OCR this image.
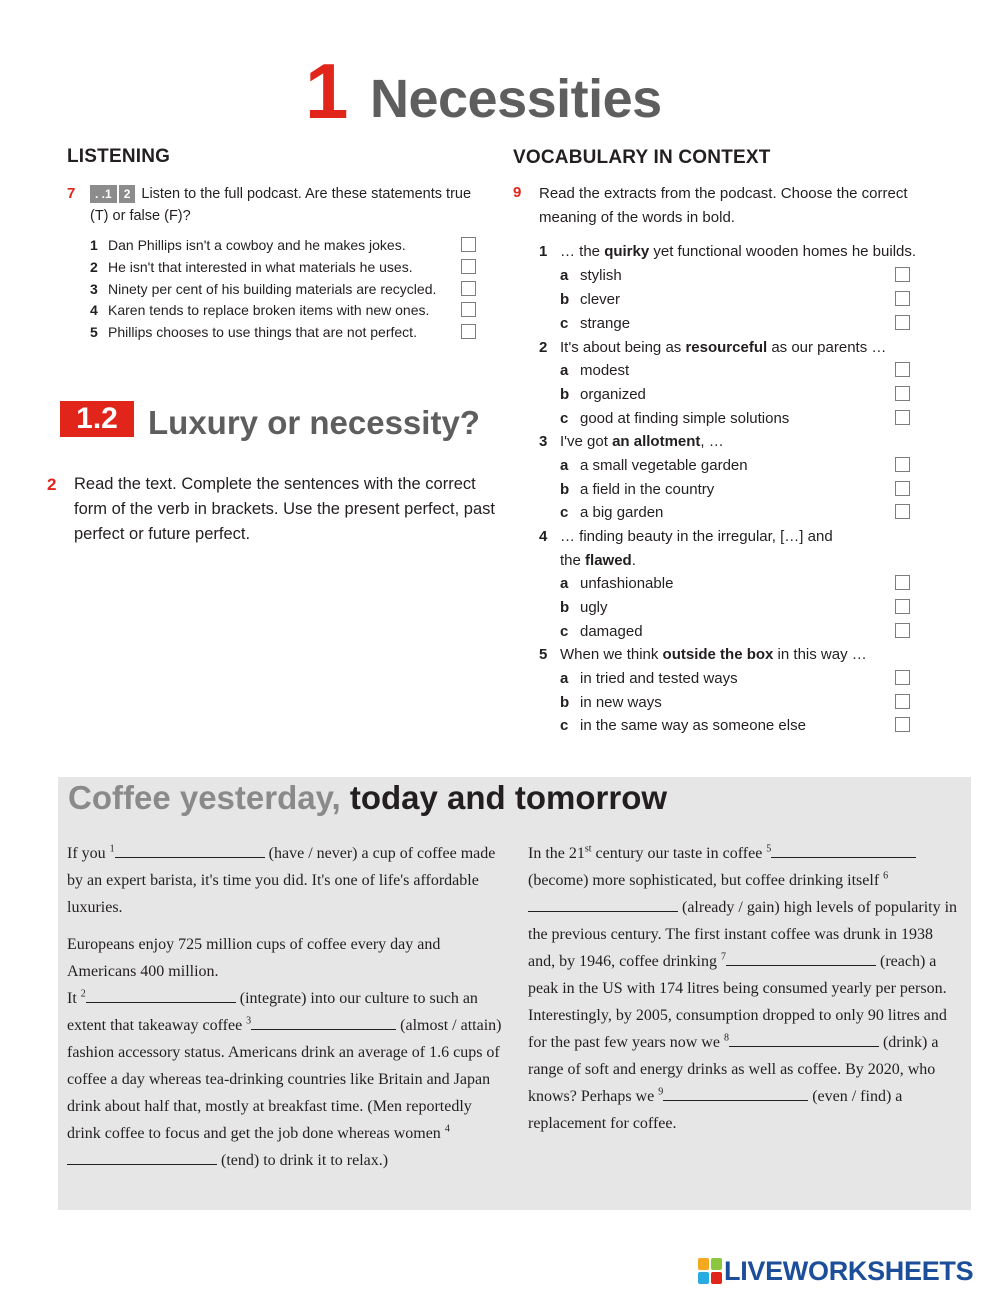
1 Necessities
LISTENING
7	. .1	2 Listen to the full podcast. Are these statements true (T) or false (F)?
1 Dan Phillips isn't a cowboy and he makes jokes.
2 He isn't that interested in what materials he uses.
3 Ninety per cent of his building materials are recycled.
4 Karen tends to replace broken items with new ones.
5 Phillips chooses to use things that are not perfect.
1.2 Luxury or necessity?
2 Read the text. Complete the sentences with the correct form of the verb in brackets. Use the present perfect, past perfect or future perfect.
VOCABULARY IN CONTEXT
9 Read the extracts from the podcast. Choose the correct meaning of the words in bold.
1 … the quirky yet functional wooden homes he builds.
a stylish
b clever
c strange
2 It's about being as resourceful as our parents …
a modest
b organized
c good at finding simple solutions
3 I've got an allotment, …
a a small vegetable garden
b a field in the country
c a big garden
4 … finding beauty in the irregular, […] and
the flawed.
a unfashionable
b ugly
c damaged
5 When we think outside the box in this way …
a in tried and tested ways
b in new ways
c in the same way as someone else
Coffee yesterday, today and tomorrow

If you $^1$	(have / never) a cup of coffee made by an expert barista, it's time you did. It's one of life's affordable luxuries.

Europeans enjoy 725 million cups of coffee every day and Americans 400 million.
It $^2$	(integrate) into our culture to such an extent that takeaway coffee $^3$	(almost / attain) fashion accessory status. Americans drink an average of 1.6 cups of coffee a day whereas tea-drinking countries like Britain and Japan drink about half that, mostly at breakfast time. (Men reportedly drink coffee to focus and get the job done whereas women $^4$ (tend) to drink it to relax.)

In the 21st century our taste in coffee $^5$ (become) more sophisticated, but coffee drinking itself $^6$ (already / gain) high levels of popularity in the previous century. The first instant coffee was drunk in 1938 and, by 1946, coffee drinking $^7$	(reach) a peak in the US with 174 litres being consumed yearly per person. Interestingly, by 2005, consumption dropped to only 90 litres and for the past few years now we $^8$	(drink) a range of soft and energy drinks as well as coffee. By 2020, who knows? Perhaps we $^9$	(even / find) a replacement for coffee.

LIVEWORKSHEETS
